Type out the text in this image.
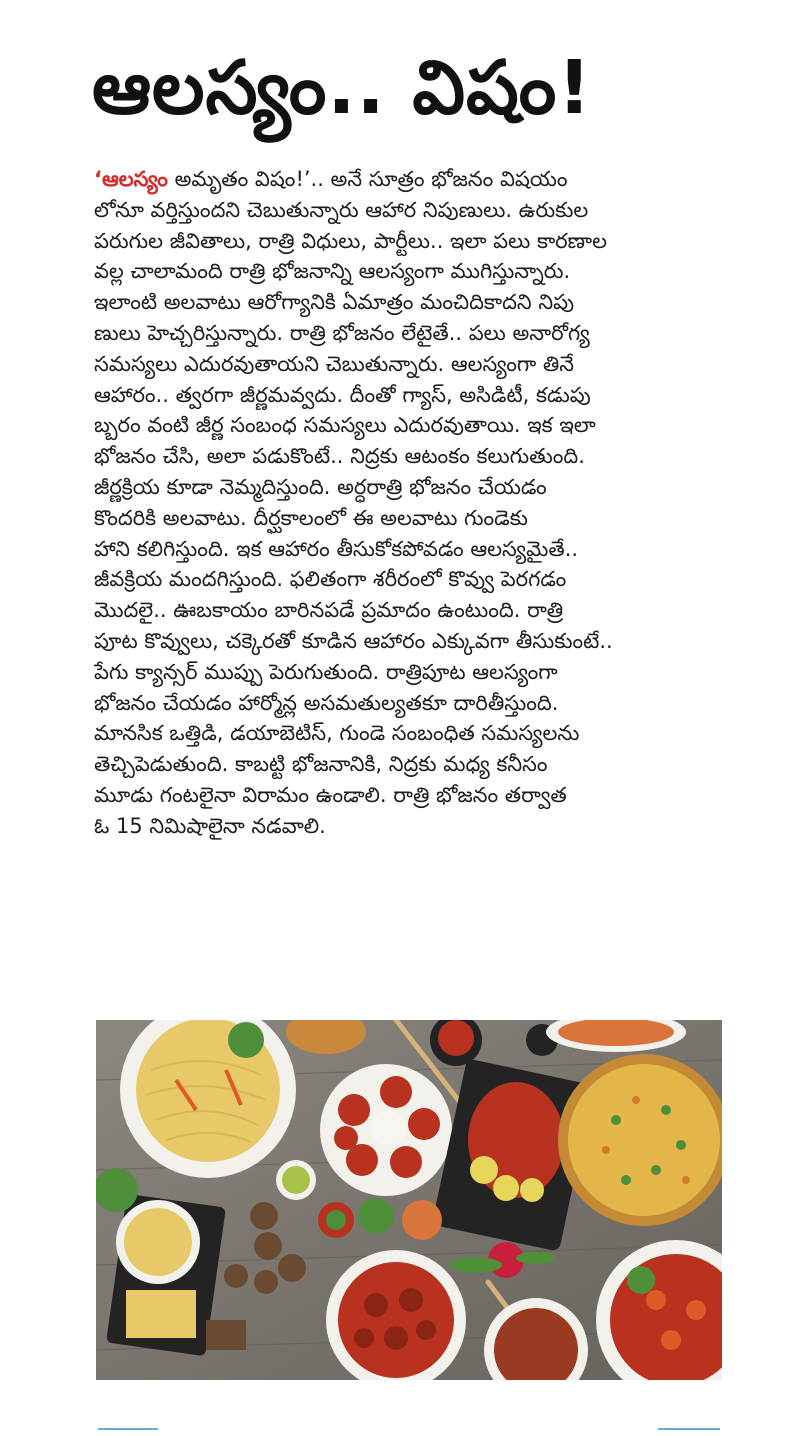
ఆలస్యం.. విషం!
‘ఆలస్యం అమృతం విషం!’.. అనే సూత్రం భోజనం విషయం
లోనూ వర్తిస్తుందని చెబుతున్నారు ఆహార నిపుణులు. ఉరుకుల
పరుగుల జీవితాలు, రాత్రి విధులు, పార్టీలు.. ఇలా పలు కారణాల
వల్ల చాలామంది రాత్రి భోజనాన్ని ఆలస్యంగా ముగిస్తున్నారు.
ఇలాంటి అలవాటు ఆరోగ్యానికి ఏమాత్రం మంచిదికాదని నిపు
ణులు హెచ్చరిస్తున్నారు. రాత్రి భోజనం లేటైతే.. పలు అనారోగ్య
సమస్యలు ఎదురవుతాయని చెబుతున్నారు. ఆలస్యంగా తినే
ఆహారం.. త్వరగా జీర్ణమవ్వదు. దీంతో గ్యాస్, అసిడిటీ, కడుపు
బ్బరం వంటి జీర్ణ సంబంధ సమస్యలు ఎదురవుతాయి. ఇక ఇలా
భోజనం చేసి, అలా పడుకొంటే.. నిద్రకు ఆటంకం కలుగుతుంది.
జీర్ణక్రియ కూడా నెమ్మదిస్తుంది. అర్ధరాత్రి భోజనం చేయడం
కొందరికి అలవాటు. దీర్ఘకాలంలో ఈ అలవాటు గుండెకు
హాని కలిగిస్తుంది. ఇక ఆహారం తీసుకోకపోవడం ఆలస్యమైతే..
జీవక్రియ మందగిస్తుంది. ఫలితంగా శరీరంలో కొవ్వు పెరగడం
మొదలై.. ఊబకాయం బారినపడే ప్రమాదం ఉంటుంది. రాత్రి
పూట కొవ్వులు, చక్కెరతో కూడిన ఆహారం ఎక్కువగా తీసుకుంటే..
పేగు క్యాన్సర్ ముప్పు పెరుగుతుంది. రాత్రిపూట ఆలస్యంగా
భోజనం చేయడం హార్మోన్ల అసమతుల్యతకూ దారితీస్తుంది.
మానసిక ఒత్తిడి, డయాబెటిస్, గుండె సంబంధిత సమస్యలను
తెచ్చిపెడుతుంది. కాబట్టి భోజనానికి, నిద్రకు మధ్య కనీసం
మూడు గంటలైనా విరామం ఉండాలి. రాత్రి భోజనం తర్వాత
ఓ 15 నిమిషాలైనా నడవాలి.
